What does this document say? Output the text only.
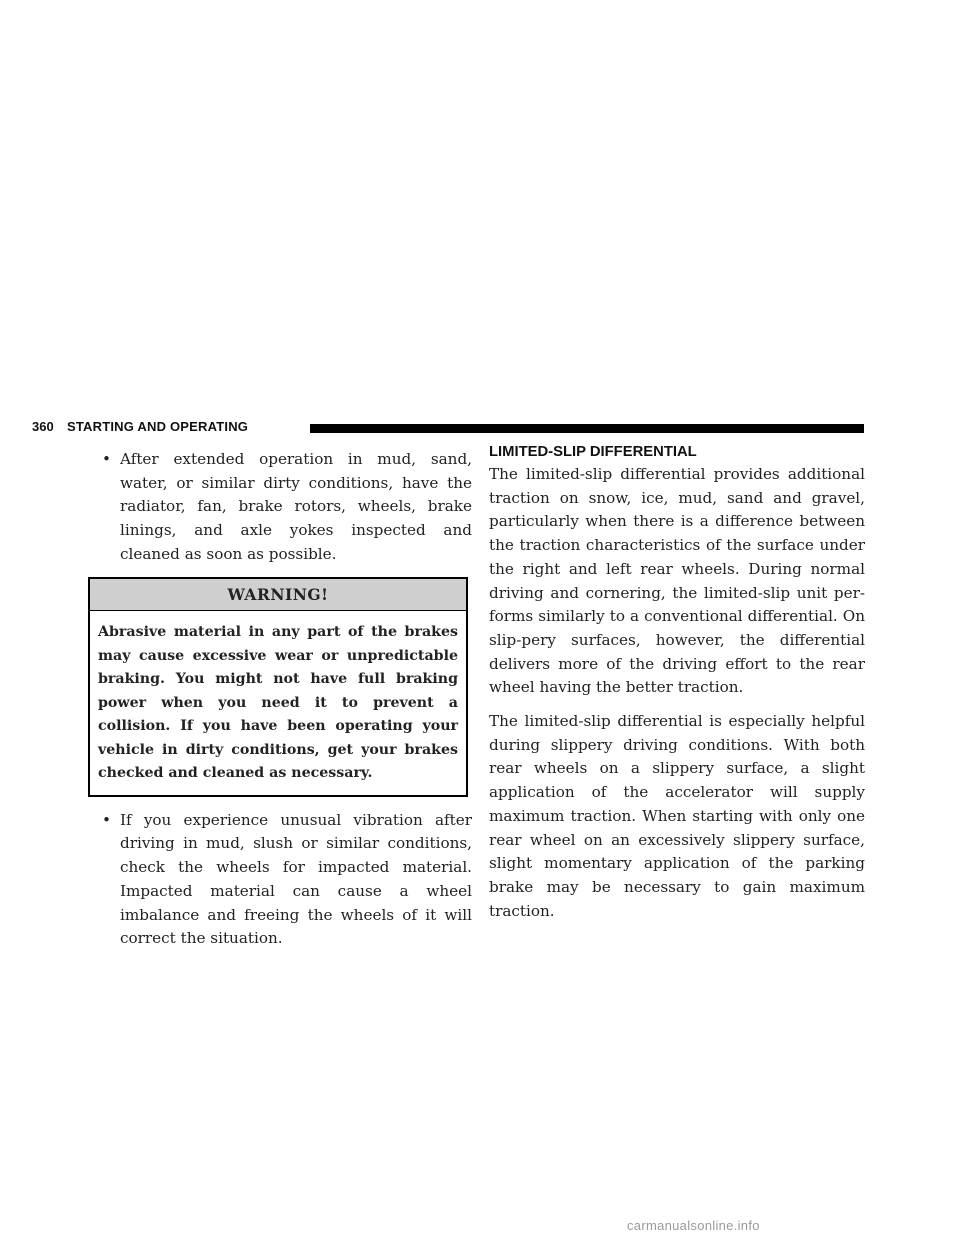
360 STARTING AND OPERATING
• After extended operation in mud, sand, water, or similar dirty conditions, have the radiator, fan, brake rotors, wheels, brake linings, and axle yokes inspected and cleaned as soon as possible.
WARNING!
Abrasive material in any part of the brakes may cause excessive wear or unpredictable braking. You might not have full braking power when you need it to prevent a collision. If you have been operating your vehicle in dirty conditions, get your brakes checked and cleaned as necessary.
• If you experience unusual vibration after driving in mud, slush or similar conditions, check the wheels for impacted material. Impacted material can cause a wheel imbalance and freeing the wheels of it will correct the situation.
LIMITED-SLIP DIFFERENTIAL

The limited-slip differential provides additional traction on snow, ice, mud, sand and gravel, particularly when there is a difference between the traction characteristics of the surface under the right and left rear wheels. During normal driving and cornering, the limited-slip unit per-forms similarly to a conventional differential. On slip-pery surfaces, however, the differential delivers more of the driving effort to the rear wheel having the better traction.

The limited-slip differential is especially helpful during slippery driving conditions. With both rear wheels on a slippery surface, a slight application of the accelerator will supply maximum traction. When starting with only one rear wheel on an excessively slippery surface, slight momentary application of the parking brake may be necessary to gain maximum traction.

carmanualsonline.info
